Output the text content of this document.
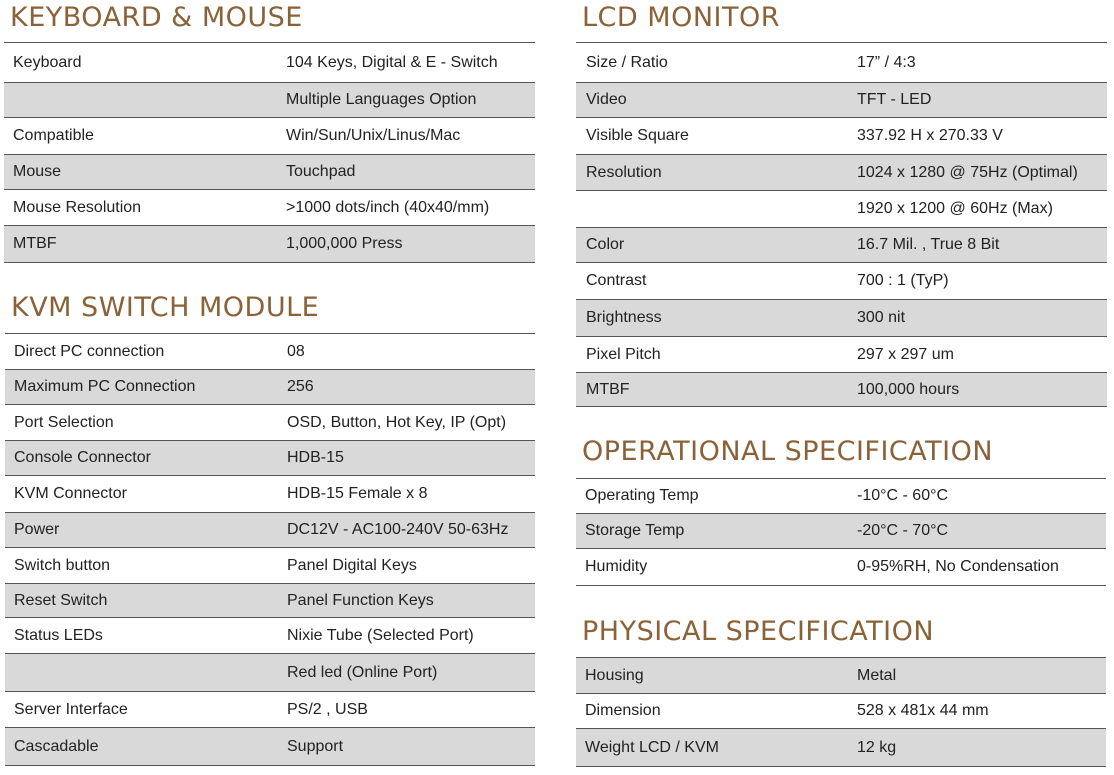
KEYBOARD & MOUSE
Keyboard	104 Keys, Digital & E - Switch
Multiple Languages Option
Compatible	Win/Sun/Unix/Linus/Mac
Mouse	Touchpad
Mouse Resolution	>1000 dots/inch (40x40/mm)
MTBF	1,000,000 Press
KVM SWITCH MODULE
Direct PC connection	08
Maximum PC Connection	256
Port Selection	OSD, Button, Hot Key, IP (Opt)
Console Connector	HDB-15
KVM Connector	HDB-15 Female x 8
Power	DC12V - AC100-240V 50-63Hz
Switch button	Panel Digital Keys
Reset Switch	Panel Function Keys
Status LEDs	Nixie Tube (Selected Port)
Red led (Online Port)
Server Interface	PS/2 , USB
Cascadable	Support
LCD MONITOR
Size / Ratio	17” / 4:3
Video	TFT - LED
Visible Square	337.92 H x 270.33 V
Resolution	1024 x 1280 @ 75Hz (Optimal)
1920 x 1200 @ 60Hz (Max)
Color	16.7 Mil. , True 8 Bit
Contrast	700 : 1 (TyP)
Brightness	300 nit
Pixel Pitch	297 x 297 um
MTBF	100,000 hours
OPERATIONAL SPECIFICATION
Operating Temp	-10°C - 60°C
Storage Temp	-20°C - 70°C
Humidity	0-95%RH, No Condensation
PHYSICAL SPECIFICATION
Housing	Metal
Dimension	528 x 481x 44 mm
Weight LCD / KVM	12 kg
